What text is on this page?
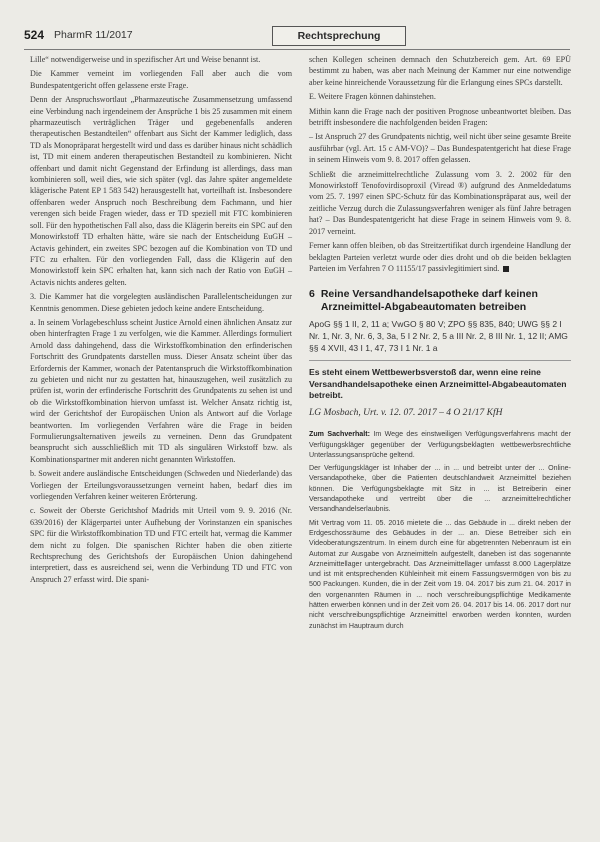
524 PharmR 11/2017	Rechtsprechung

Lille“ notwendigerweise und in spezifischer Art und Weise benannt ist.

Die Kammer verneint im vorliegenden Fall aber auch die vom Bundespatentgericht offen gelassene erste Frage.

Denn der Anspruchswortlaut „Pharmazeutische Zusammensetzung umfassend eine Verbindung nach irgendeinem der Ansprüche 1 bis 25 zusammen mit einem pharmazeutisch verträglichen Träger und gegebenenfalls anderen therapeutischen Bestandteilen“ offenbart aus Sicht der Kammer lediglich, dass TD als Monopräparat hergestellt wird und dass es darüber hinaus nicht schädlich ist, TD mit einem anderen therapeutischen Bestandteil zu kombinieren. Nicht offenbart und damit nicht Gegenstand der Erfindung ist allerdings, dass man kombinieren soll, weil dies, wie sich später (vgl. das Jahre später angemeldete klägerische Patent EP 1 583 542) herausgestellt hat, vorteilhaft ist. Insbesondere offenbaren weder Anspruch noch Beschreibung dem Fachmann, und hier verengen sich beide Fragen wieder, dass er TD speziell mit FTC kombinieren soll. Für den hypothetischen Fall also, dass die Klägerin bereits ein SPC auf den Monowirkstoff TD erhalten hätte, wäre sie nach der Entscheidung EuGH – Actavis gehindert, ein zweites SPC bezogen auf die Kombination von TD und FTC zu erhalten. Für den vorliegenden Fall, dass die Klägerin auf den Monowirkstoff kein SPC erhalten hat, kann sich nach der Ratio von EuGH – Actavis nichts anderes gelten.

3. Die Kammer hat die vorgelegten ausländischen Parallelentscheidungen zur Kenntnis genommen. Diese gebieten jedoch keine andere Entscheidung.

a. In seinem Vorlagebeschluss scheint Justice Arnold einen ähnlichen Ansatz zur oben hinterfragten Frage 1 zu verfolgen, wie die Kammer. Allerdings formuliert Arnold dass dahingehend, dass die Wirkstoffkombination den erfinderischen Fortschritt des Grundpatents darstellen muss. Dieser Ansatz scheint über das Erfordernis der Kammer, wonach der Patentanspruch die Wirkstoffkombination zu gebieten und nicht nur zu gestatten hat, hinauszugehen, weil zusätzlich zu prüfen ist, worin der erfinderische Fortschritt des Grundpatents zu sehen ist und ob die Wirkstoffkombination hiervon umfasst ist. Welcher Ansatz richtig ist, wird der Gerichtshof der Europäischen Union als Antwort auf die Vorlage beantworten. Im vorliegenden Verfahren wäre die Frage in beiden Formulierungsalternativen jeweils zu verneinen. Denn das Grundpatent beansprucht sich ausschließlich mit TD als singulären Wirkstoff bzw. als Kombinationspartner mit anderen nicht genannten Wirkstoffen.

b. Soweit andere ausländische Entscheidungen (Schweden und Niederlande) das Vorliegen der Erteilungsvoraussetzungen verneint haben, bedarf dies im vorliegenden Verfahren keiner weiteren Erörterung.

c. Soweit der Oberste Gerichtshof Madrids mit Urteil vom 9. 9. 2016 (Nr. 639/2016) der Klägerpartei unter Aufhebung der Vorinstanzen ein spanisches SPC für die Wirkstoffkombination TD und FTC erteilt hat, vermag die Kammer dem nicht zu folgen. Die spanischen Richter haben die oben zitierte Rechtsprechung des Gerichtshofs der Europäischen Union dahingehend interpretiert, dass es ausreichend sei, wenn die Verbindung TD und FTC von Anspruch 27 erfasst wird. Die spani-

schen Kollegen scheinen demnach den Schutzbereich gem. Art. 69 EPÜ bestimmt zu haben, was aber nach Meinung der Kammer nur eine notwendige aber keine hinreichende Voraussetzung für die Erlangung eines SPCs darstellt.

E. Weitere Fragen können dahinstehen.

Mithin kann die Frage nach der positiven Prognose unbeantwortet bleiben. Das betrifft insbesondere die nachfolgenden beiden Fragen:

– Ist Anspruch 27 des Grundpatents nichtig, weil nicht über seine gesamte Breite ausführbar (vgl. Art. 15 c AM-VO)? – Das Bundespatentgericht hat diese Frage in seinem Hinweis vom 9. 8. 2017 offen gelassen.

Schließt die arzneimittelrechtliche Zulassung vom 3. 2. 2002 für den Monowirkstoff Tenofovirdisoproxil (Viread ®) aufgrund des Anmeldedatums vom 25. 7. 1997 einen SPC-Schutz für das Kombinationspräparat aus, weil der zeitliche Verzug durch die Zulassungsverfahren weniger als fünf Jahre betragen hat? – Das Bundespatentgericht hat diese Frage in seinem Hinweis vom 9. 8. 2017 verneint.

Ferner kann offen bleiben, ob das Streitzertifikat durch irgendeine Handlung der beklagten Parteien verletzt wurde oder dies droht und ob die beiden beklagten Parteien im Verfahren 7 O 11155/17 passivlegitimiert sind.

6 Reine Versandhandelsapotheke darf keinen Arzneimittel-Abgabeautomaten betreiben
ApoG §§ 1 II, 2, 11 a; VwGO § 80 V; ZPO §§ 835, 840; UWG §§ 2 I Nr. 1, Nr. 3, Nr. 6, 3, 3a, 5 I 2 Nr. 2, 5 a III Nr. 2, 8 III Nr. 1, 12 II; AMG §§ 4 XVII, 43 I 1, 47, 73 I 1 Nr. 1 a
Es steht einem Wettbewerbsverstoß dar, wenn eine reine Versandhandelsapotheke einen Arzneimittel-Abgabeautomaten betreibt.
LG Mosbach, Urt. v. 12. 07. 2017 – 4 O 21/17 KfH

Zum Sachverhalt: Im Wege des einstweiligen Verfügungsverfahrens macht der Verfügungskläger gegenüber der Verfügungsbeklagten wettbewerbsrechtliche Unterlassungsansprüche geltend.

Der Verfügungskläger ist Inhaber der ... in ... und betreibt unter der ... Online-Versandapotheke, über die Patienten deutschlandweit Arzneimittel beziehen können. Die Verfügungsbeklagte mit Sitz in ... ist Betreiberin einer Versandapotheke und vertreibt über die ... arzneimittelrechtlicher Versandhandelserlaubnis.

Mit Vertrag vom 11. 05. 2016 mietete die ... das Gebäude in ... direkt neben der Erdgeschossräume des Gebäudes in der ... an. Diese Betreiber sich ein Videoberatungszentrum. In einem durch eine für abgetrennten Nebenraum ist ein Automat zur Ausgabe von Arzneimitteln aufgestellt, daneben ist das sogenannte Arzneimittellager untergebracht. Das Arzneimittellager umfasst 8.000 Lagerplätze und ist mit entsprechenden Kühleinheit mit einem Fassungsvermögen von bis zu 500 Packungen. Kunden, die in der Zeit vom 19. 04. 2017 bis zum 21. 04. 2017 in den vorgenannten Räumen in ... noch verschreibungspflichtige Medikamente hätten erwerben können und in der Zeit vom 26. 04. 2017 bis 14. 06. 2017 dort nur nicht verschreibungspflichtige Arzneimittel erworben werden konnten, wurden zunächst im Hauptraum durch
